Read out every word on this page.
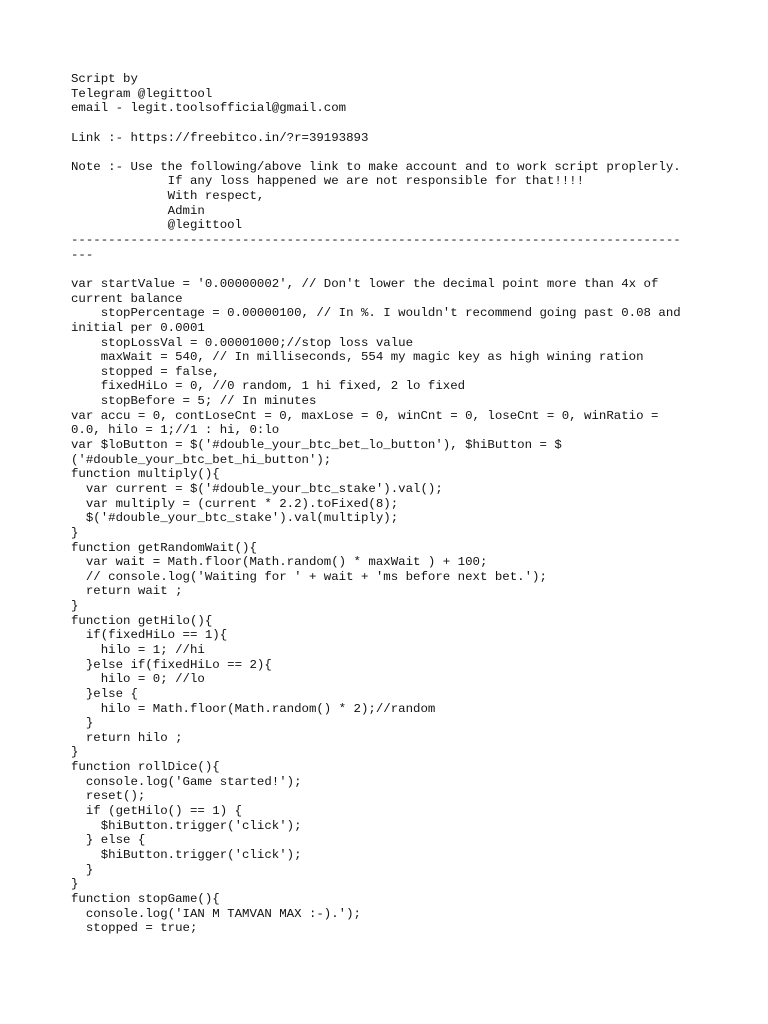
Script by
Telegram @legittool
email - legit.toolsofficial@gmail.com
Link :- https://freebitco.in/?r=39193893
Note :- Use the following/above link to make account and to work script proplerly.
If any loss happened we are not responsible for that!!!!
With respect,
Admin
@legittool
----------------------------------------------------------------------------------
---
var startValue = '0.00000002', // Don't lower the decimal point more than 4x of
current balance
stopPercentage = 0.00000100, // In %. I wouldn't recommend going past 0.08 and
initial per 0.0001
stopLossVal = 0.00001000;//stop loss value
maxWait = 540, // In milliseconds, 554 my magic key as high wining ration
stopped = false,
fixedHiLo = 0, //0 random, 1 hi fixed, 2 lo fixed
stopBefore = 5; // In minutes
var accu = 0, contLoseCnt = 0, maxLose = 0, winCnt = 0, loseCnt = 0, winRatio =
0.0, hilo = 1;//1 : hi, 0:lo
var $loButton = $('#double_your_btc_bet_lo_button'), $hiButton = $
('#double_your_btc_bet_hi_button');
function multiply(){
var current = $('#double_your_btc_stake').val();
var multiply = (current * 2.2).toFixed(8);
$('#double_your_btc_stake').val(multiply);
}
function getRandomWait(){
var wait = Math.floor(Math.random() * maxWait ) + 100;
// console.log('Waiting for ' + wait + 'ms before next bet.');
return wait ;
}
function getHilo(){
if(fixedHiLo == 1){
hilo = 1; //hi
}else if(fixedHiLo == 2){
hilo = 0; //lo
}else {
hilo = Math.floor(Math.random() * 2);//random
}
return hilo ;
}
function rollDice(){
console.log('Game started!');
reset();
if (getHilo() == 1) {
$hiButton.trigger('click');
} else {
$hiButton.trigger('click');
}
}
function stopGame(){
console.log('IAN M TAMVAN MAX :-).');
stopped = true;
